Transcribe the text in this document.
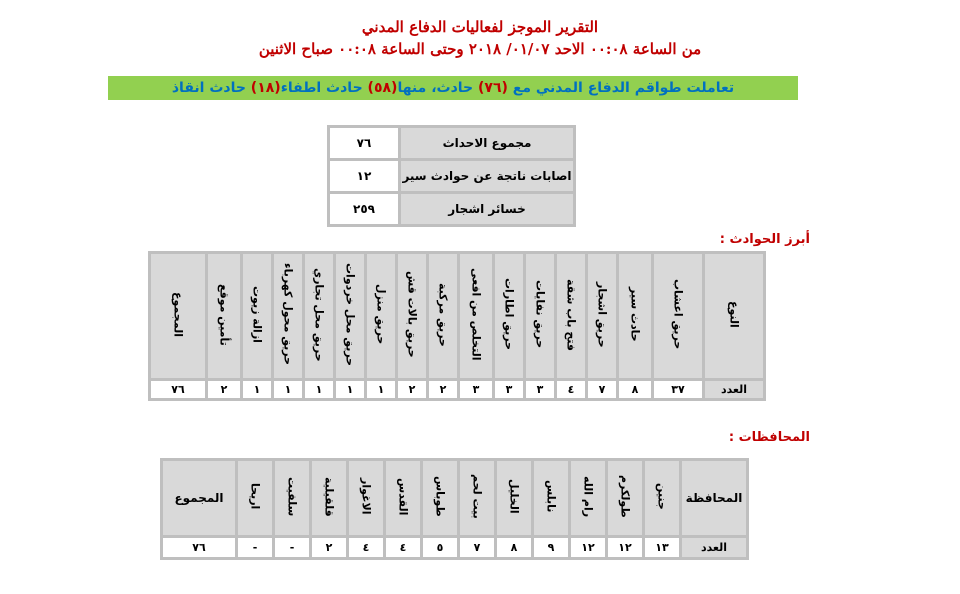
التقرير الموجز لفعاليات الدفاع المدني
من الساعة ٠٠:٠٨ الاحد ٠١/٠٧/ ٢٠١٨ وحتى الساعة ٠٠:٠٨ صباح الاثنين
تعاملت طواقم الدفاع المدني مع (٧٦) حادث، منها(٥٨) حادث اطفاء(١٨) حادث انقاذ
مجموع الاحداث	٧٦
اصابات ناتجة عن حوادث سير	١٢
خسائر اشجار	٢٥٩
أبرز الحوادث :
النوع	حريق اعشاب	حادث سير	حريق اشجار	فتح باب شقة	حريق نفايات	حريق اطارات	التخلص من افعى	حريق مركبة	حريق بالات قش	حريق منزل	حريق محل خردوات	حريق محل تجاري	حريق محول كهرباء	ازالة زيوت	تأمين موقع	المجموع
العدد	٣٧	٨	٧	٤	٣	٣	٣	٢	٢	١	١	١	١	١	٢	٧٦
المحافظات :
المحافظة	جنين	طولكرم	رام الله	نابلس	الخليل	بيت لحم	طوباس	القدس	الاغوار	قلقيلية	سلفيت	اريحا	المجموع
العدد	١٣	١٢	١٢	٩	٨	٧	٥	٤	٤	٢	-	-	٧٦
